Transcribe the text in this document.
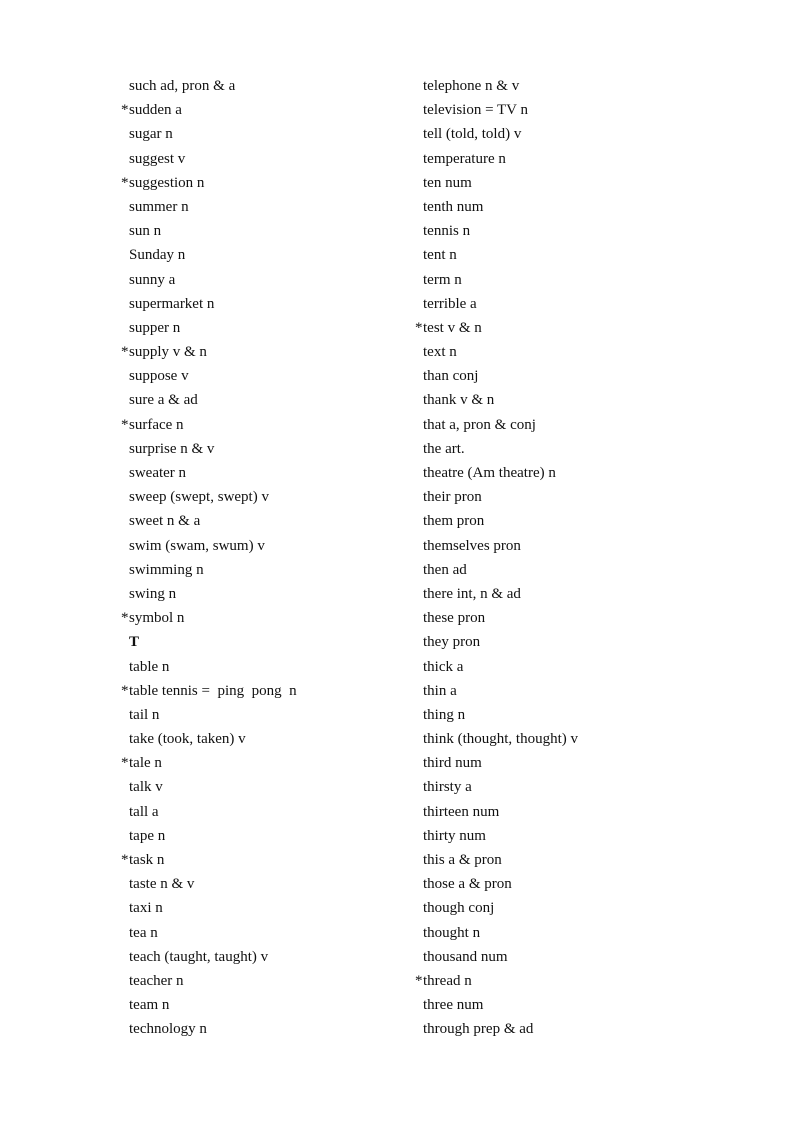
such ad, pron & a
*sudden a
sugar n
suggest v
*suggestion n
summer n
sun n
Sunday n
sunny a
supermarket n
supper n
*supply v & n
suppose v
sure a & ad
*surface n
surprise n & v
sweater n
sweep (swept, swept) v
sweet n & a
swim (swam, swum) v
swimming n
swing n
*symbol n
T
table n
*table tennis =  ping  pong  n
tail n
take (took, taken) v
*tale n
talk v
tall a
tape n
*task n
taste n & v
taxi n
tea n
teach (taught, taught) v
teacher n
team n
technology n
telephone n & v
television = TV n
tell (told, told) v
temperature n
ten num
tenth num
tennis n
tent n
term n
terrible a
*test v & n
text n
than conj
thank v & n
that a, pron & conj
the art.
theatre (Am theatre) n
their pron
them pron
themselves pron
then ad
there int, n & ad
these pron
they pron
thick a
thin a
thing n
think (thought, thought) v
third num
thirsty a
thirteen num
thirty num
this a & pron
those a & pron
though conj
thought n
thousand num
*thread n
three num
through prep & ad
